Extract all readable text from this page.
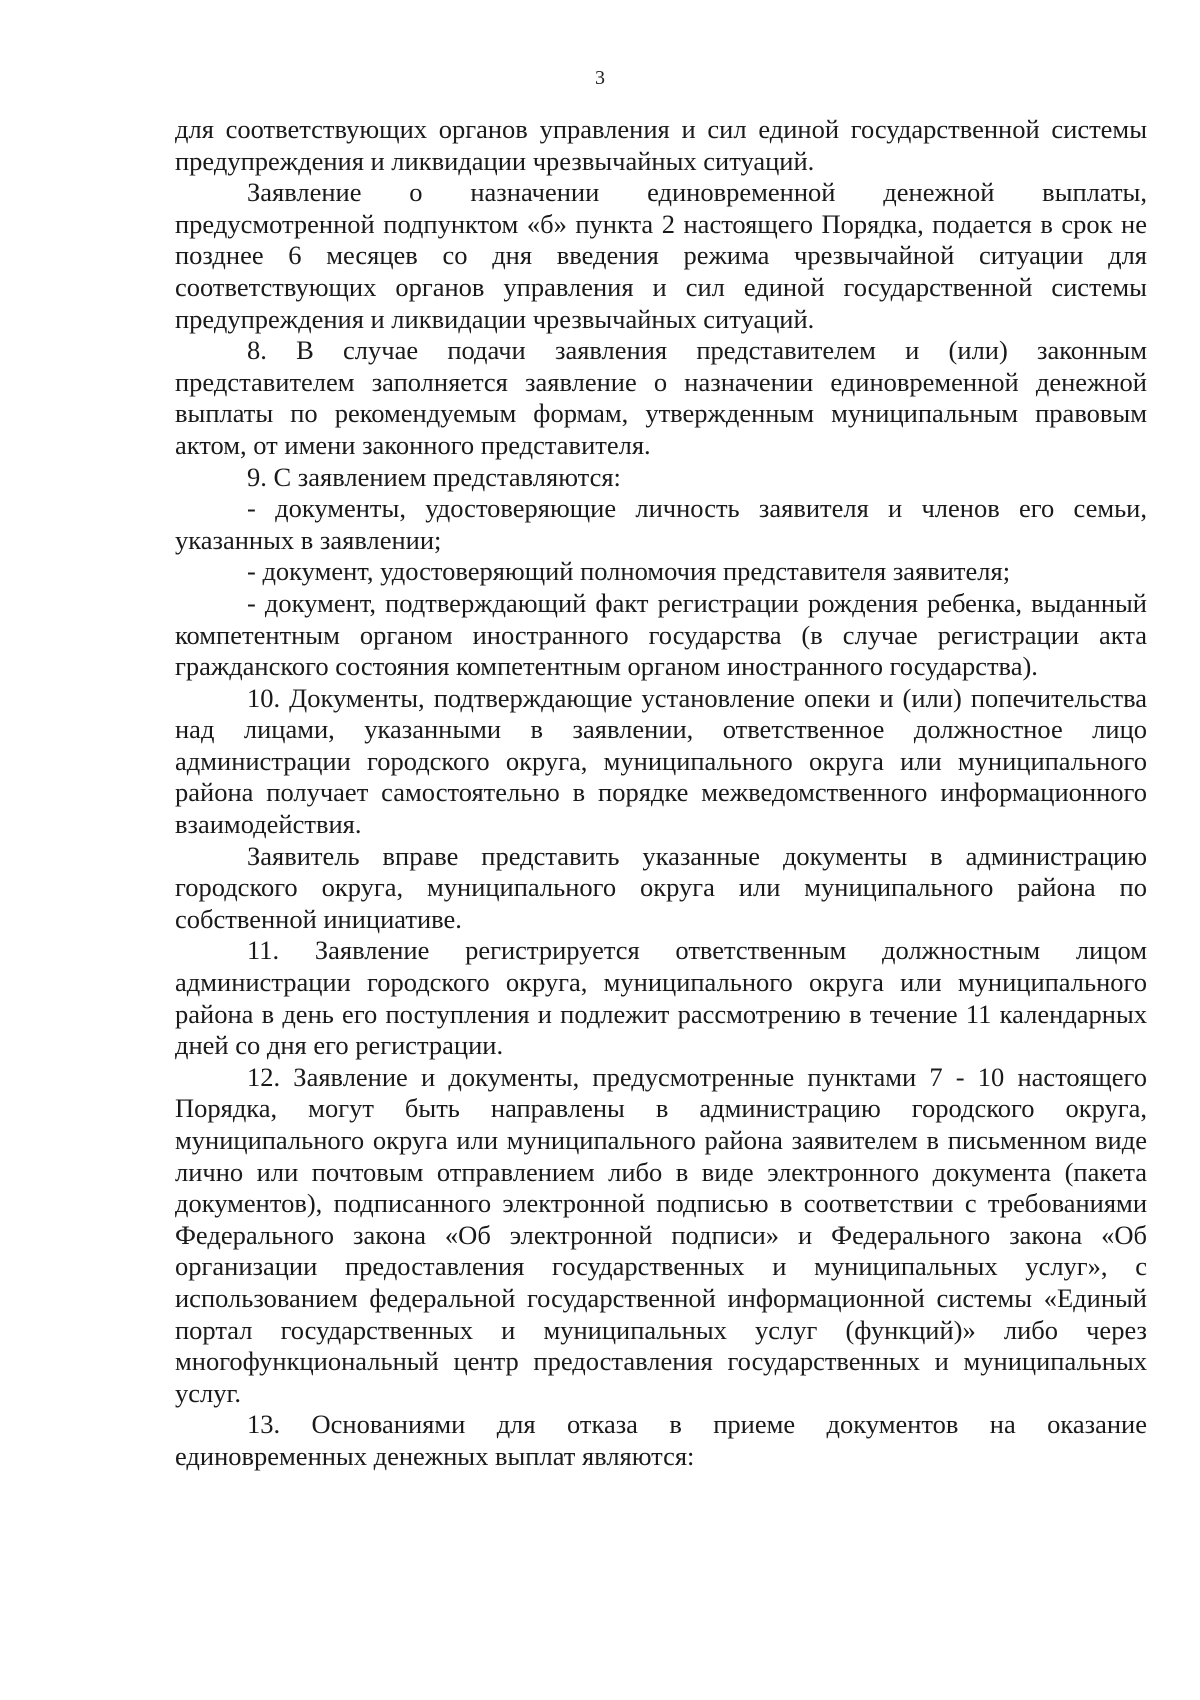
3

для соответствующих органов управления и сил единой государственной системы предупреждения и ликвидации чрезвычайных ситуаций.

Заявление о назначении единовременной денежной выплаты, предусмотренной подпунктом «б» пункта 2 настоящего Порядка, подается в срок не позднее 6 месяцев со дня введения режима чрезвычайной ситуации для соответствующих органов управления и сил единой государственной системы предупреждения и ликвидации чрезвычайных ситуаций.

8. В случае подачи заявления представителем и (или) законным представителем заполняется заявление о назначении единовременной денежной выплаты по рекомендуемым формам, утвержденным муниципальным правовым актом, от имени законного представителя.

9. С заявлением представляются:

- документы, удостоверяющие личность заявителя и членов его семьи, указанных в заявлении;

- документ, удостоверяющий полномочия представителя заявителя;

- документ, подтверждающий факт регистрации рождения ребенка, выданный компетентным органом иностранного государства (в случае регистрации акта гражданского состояния компетентным органом иностранного государства).

10. Документы, подтверждающие установление опеки и (или) попечительства над лицами, указанными в заявлении, ответственное должностное лицо администрации городского округа, муниципального округа или муниципального района получает самостоятельно в порядке межведомственного информационного взаимодействия.

Заявитель вправе представить указанные документы в администрацию городского округа, муниципального округа или муниципального района по собственной инициативе.

11. Заявление регистрируется ответственным должностным лицом администрации городского округа, муниципального округа или муниципального района в день его поступления и подлежит рассмотрению в течение 11 календарных дней со дня его регистрации.

12. Заявление и документы, предусмотренные пунктами 7 - 10 настоящего Порядка, могут быть направлены в администрацию городского округа, муниципального округа или муниципального района заявителем в письменном виде лично или почтовым отправлением либо в виде электронного документа (пакета документов), подписанного электронной подписью в соответствии с требованиями Федерального закона «Об электронной подписи» и Федерального закона «Об организации предоставления государственных и муниципальных услуг», с использованием федеральной государственной информационной системы «Единый портал государственных и муниципальных услуг (функций)» либо через многофункциональный центр предоставления государственных и муниципальных услуг.

13. Основаниями для отказа в приеме документов на оказание единовременных денежных выплат являются:
